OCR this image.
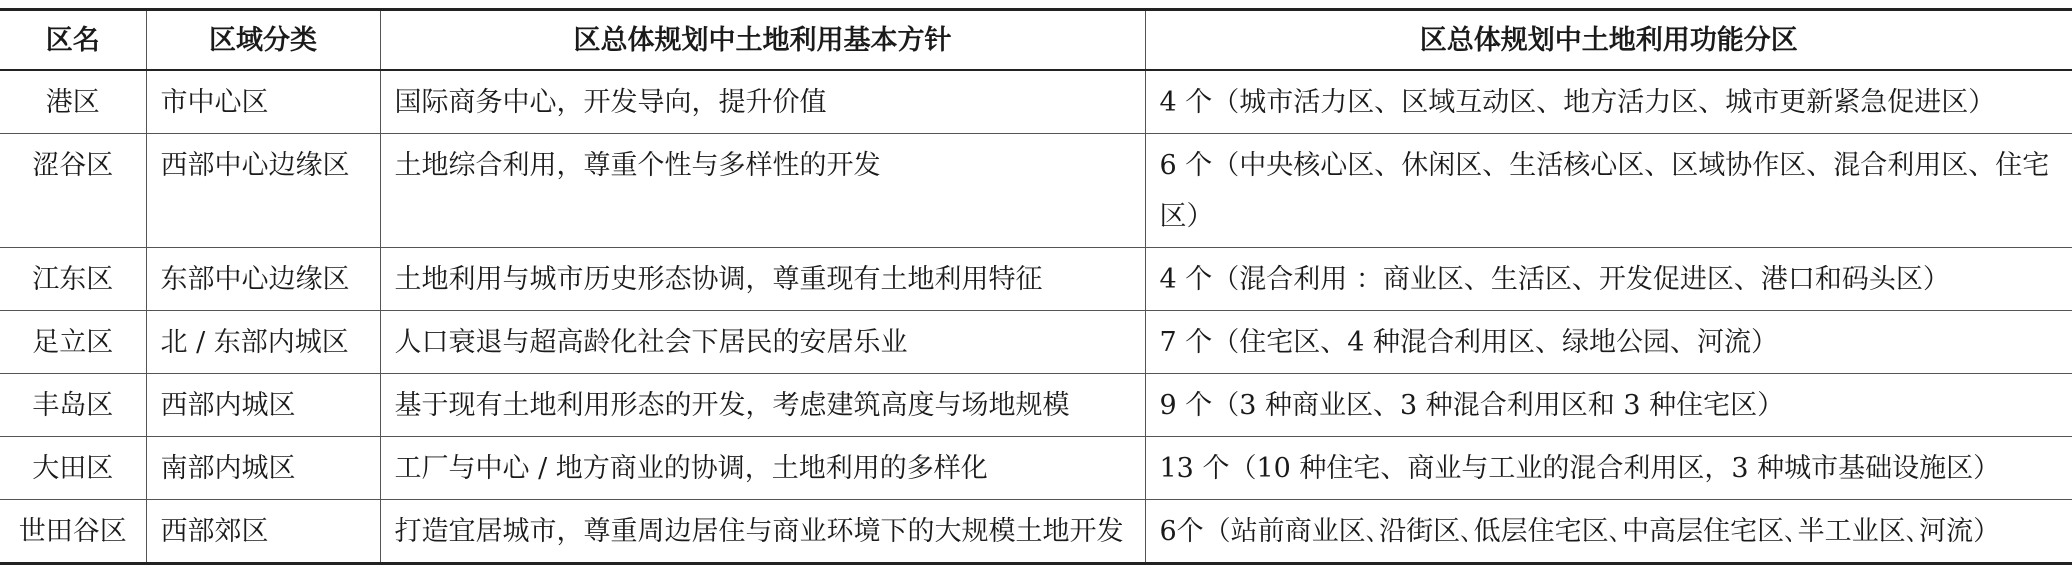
区名	区域分类	区总体规划中土地利用基本方针	区总体规划中土地利用功能分区
港区	市中心区	国际商务中心，开发导向，提升价值	4 个（城市活力区、区域互动区、地方活力区、城市更新紧急促进区）
涩谷区	西部中心边缘区	土地综合利用，尊重个性与多样性的开发	6 个（中央核心区、休闲区、生活核心区、区域协作区、混合利用区、住宅区）
江东区	东部中心边缘区	土地利用与城市历史形态协调，尊重现有土地利用特征	4 个（混合利用 ：商业区、生活区、开发促进区、港口和码头区）
足立区	北 / 东部内城区	人口衰退与超高龄化社会下居民的安居乐业	7 个（住宅区、4 种混合利用区、绿地公园、河流）
丰岛区	西部内城区	基于现有土地利用形态的开发，考虑建筑高度与场地规模	9 个（3 种商业区、3 种混合利用区和 3 种住宅区）
大田区	南部内城区	工厂与中心 / 地方商业的协调，土地利用的多样化	13 个（10 种住宅、商业与工业的混合利用区，3 种城市基础设施区）
世田谷区	西部郊区	打造宜居城市，尊重周边居住与商业环境下的大规模土地开发	6个（站前商业区､沿街区､低层住宅区､中高层住宅区､半工业区､河流）
